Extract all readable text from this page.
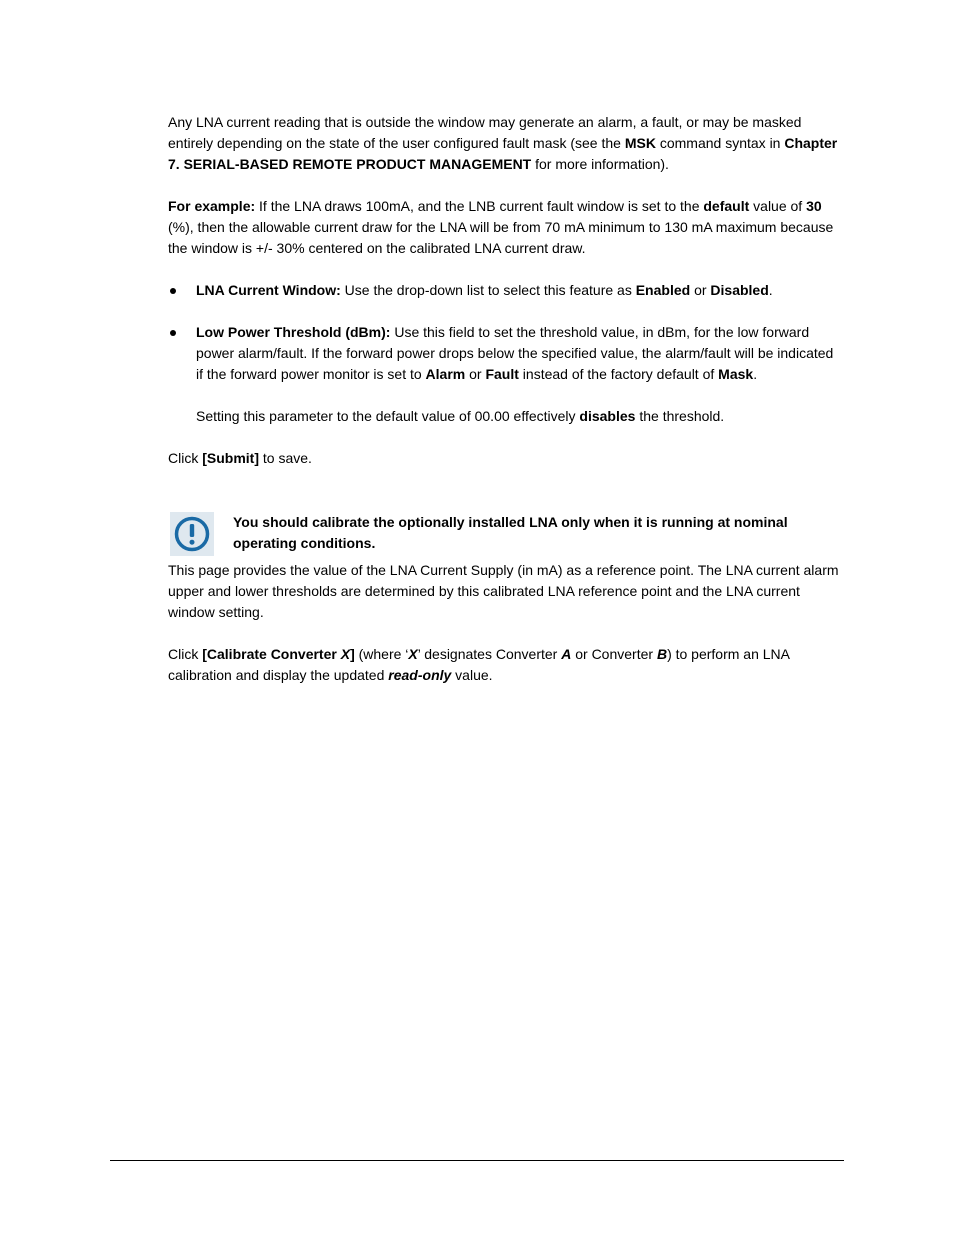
Any LNA current reading that is outside the window may generate an alarm, a fault, or may be masked entirely depending on the state of the user configured fault mask (see the MSK command syntax in Chapter 7. SERIAL-BASED REMOTE PRODUCT MANAGEMENT for more information).

For example: If the LNA draws 100mA, and the LNB current fault window is set to the default value of 30 (%), then the allowable current draw for the LNA will be from 70 mA minimum to 130 mA maximum because the window is +/- 30% centered on the calibrated LNA current draw.

LNA Current Window: Use the drop-down list to select this feature as Enabled or Disabled.
Low Power Threshold (dBm): Use this field to set the threshold value, in dBm, for the low forward power alarm/fault. If the forward power drops below the specified value, the alarm/fault will be indicated if the forward power monitor is set to Alarm or Fault instead of the factory default of Mask.

Setting this parameter to the default value of 00.00 effectively disables the threshold.

Click [Submit] to save.

You should calibrate the optionally installed LNA only when it is running at nominal operating conditions.

This page provides the value of the LNA Current Supply (in mA) as a reference point. The LNA current alarm upper and lower thresholds are determined by this calibrated LNA reference point and the LNA current window setting.

Click [Calibrate Converter X] (where ‘X’ designates Converter A or Converter B) to perform an LNA calibration and display the updated read-only value.
